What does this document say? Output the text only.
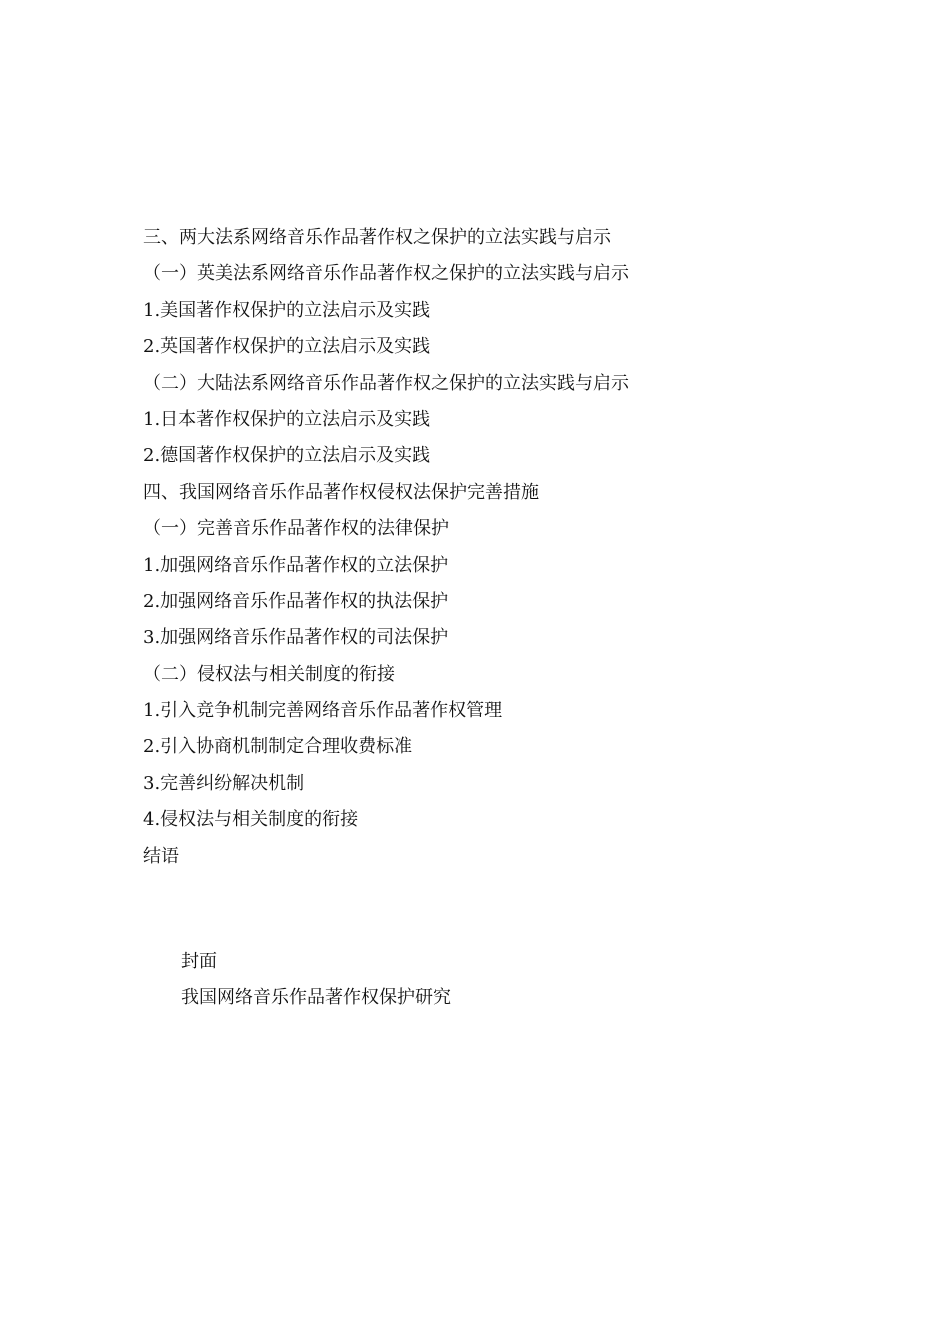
三、两大法系网络音乐作品著作权之保护的立法实践与启示
（一）英美法系网络音乐作品著作权之保护的立法实践与启示
1.美国著作权保护的立法启示及实践
2.英国著作权保护的立法启示及实践
（二）大陆法系网络音乐作品著作权之保护的立法实践与启示
1.日本著作权保护的立法启示及实践
2.德国著作权保护的立法启示及实践
四、我国网络音乐作品著作权侵权法保护完善措施
（一）完善音乐作品著作权的法律保护
1.加强网络音乐作品著作权的立法保护
2.加强网络音乐作品著作权的执法保护
3.加强网络音乐作品著作权的司法保护
（二）侵权法与相关制度的衔接
1.引入竞争机制完善网络音乐作品著作权管理
2.引入协商机制制定合理收费标准
3.完善纠纷解决机制
4.侵权法与相关制度的衔接
结语
封面
我国网络音乐作品著作权保护研究
